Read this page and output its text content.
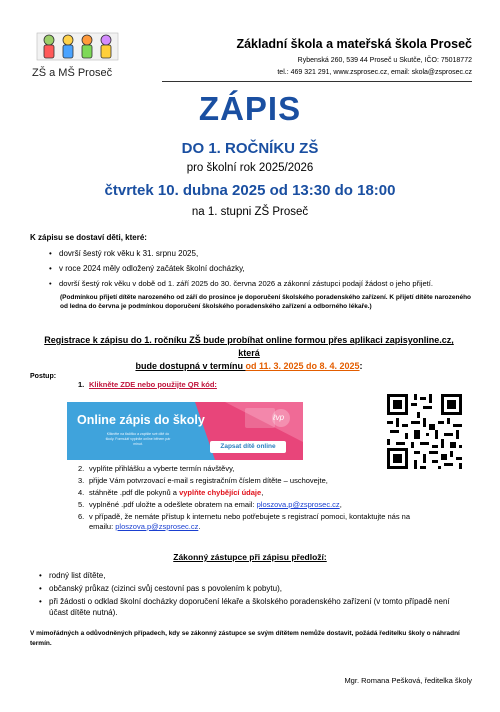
ZŠ a MŠ Proseč
Základní škola a mateřská škola Proseč
Rybenská 260, 539 44 Proseč u Skutče, IČO: 75018772
tel.: 469 321 291, www.zsprosec.cz, email: skola@zsprosec.cz
ZÁPIS
DO 1. ROČNÍKU ZŠ
pro školní rok 2025/2026
čtvrtek 10. dubna 2025 od 13:30 do 18:00
na 1. stupni ZŠ Proseč
K zápisu se dostaví děti, které:
• dovrší šestý rok věku k 31. srpnu 2025,
• v roce 2024 měly odložený začátek školní docházky,
• dovrší šestý rok věku v době od 1. září 2025 do 30. června 2026 a zákonní zástupci podají žádost o jeho přijetí.
(Podmínkou přijetí dítěte narozeného od září do prosince je doporučení školského poradenského zařízení. K přijetí dítěte narozeného od ledna do června je podmínkou doporučení školského poradenského zařízení a odborného lékaře.)
Registrace k zápisu do 1. ročníku ZŠ bude probíhat online formou přes aplikaci zapisyonline.cz, která
bude dostupná v termínu od 11. 3. 2025 do 8. 4. 2025:
Postup:
1. Klikněte ZDE nebo použijte QR kód:
ℓvp
Online zápis do školy
Klikněte na tlačítko a zapište své dítě do školy. Formulář vyplníte online během pár minut.	Zapsat dítě online
2. vyplňte přihlášku a vyberte termín návštěvy,
3. přijde Vám potvrzovací e-mail s registračním číslem dítěte – uschovejte,
4. stáhněte .pdf dle pokynů a vyplňte chybějící údaje,
5. vyplněné .pdf uložte a odešlete obratem na email: ploszova.p@zsprosec.cz,
6. v případě, že nemáte přístup k internetu nebo potřebujete s registrací pomoci, kontaktujte nás na emailu: ploszova.p@zsprosec.cz.
Zákonný zástupce při zápisu předloží:
• rodný list dítěte,
• občanský průkaz (cizinci svůj cestovní pas s povolením k pobytu),
• při žádosti o odklad školní docházky doporučení lékaře a školského poradenského zařízení (v tomto případě není účast dítěte nutná).
V mimořádných a odůvodněných případech, kdy se zákonný zástupce se svým dítětem nemůže dostavit, požádá ředitelku školy o náhradní termín.
Mgr. Romana Pešková, ředitelka školy
